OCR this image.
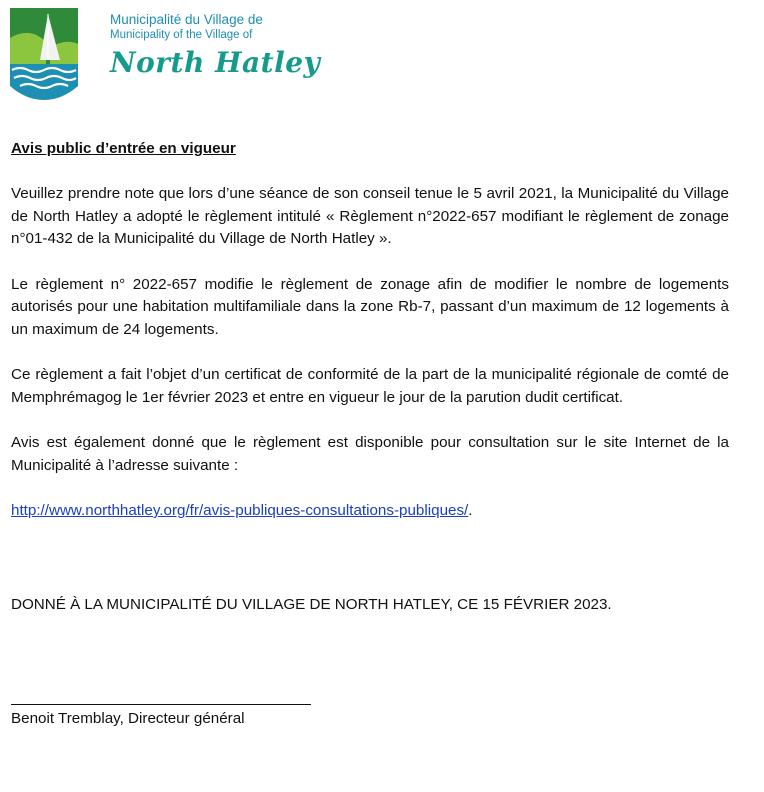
Municipalité du Village de
Municipality of the Village of
North Hatley

Avis public d’entrée en vigueur

Veuillez prendre note que lors d’une séance de son conseil tenue le 5 avril 2021, la Municipalité du Village de North Hatley a adopté le règlement intitulé « Règlement n°2022-657 modifiant le règlement de zonage n°01-432 de la Municipalité du Village de North Hatley ».

Le règlement n° 2022-657 modifie le règlement de zonage afin de modifier le nombre de logements autorisés pour une habitation multifamiliale dans la zone Rb-7, passant d’un maximum de 12 logements à un maximum de 24 logements.

Ce règlement a fait l’objet d’un certificat de conformité de la part de la municipalité régionale de comté de Memphrémagog le 1er février 2023 et entre en vigueur le jour de la parution dudit certificat.

Avis est également donné que le règlement est disponible pour consultation sur le site Internet de la Municipalité à l’adresse suivante :

http://www.northhatley.org/fr/avis-publiques-consultations-publiques/.

DONNÉ À LA MUNICIPALITÉ DU VILLAGE DE NORTH HATLEY, CE 15 FÉVRIER 2023.
Benoit Tremblay, Directeur général
